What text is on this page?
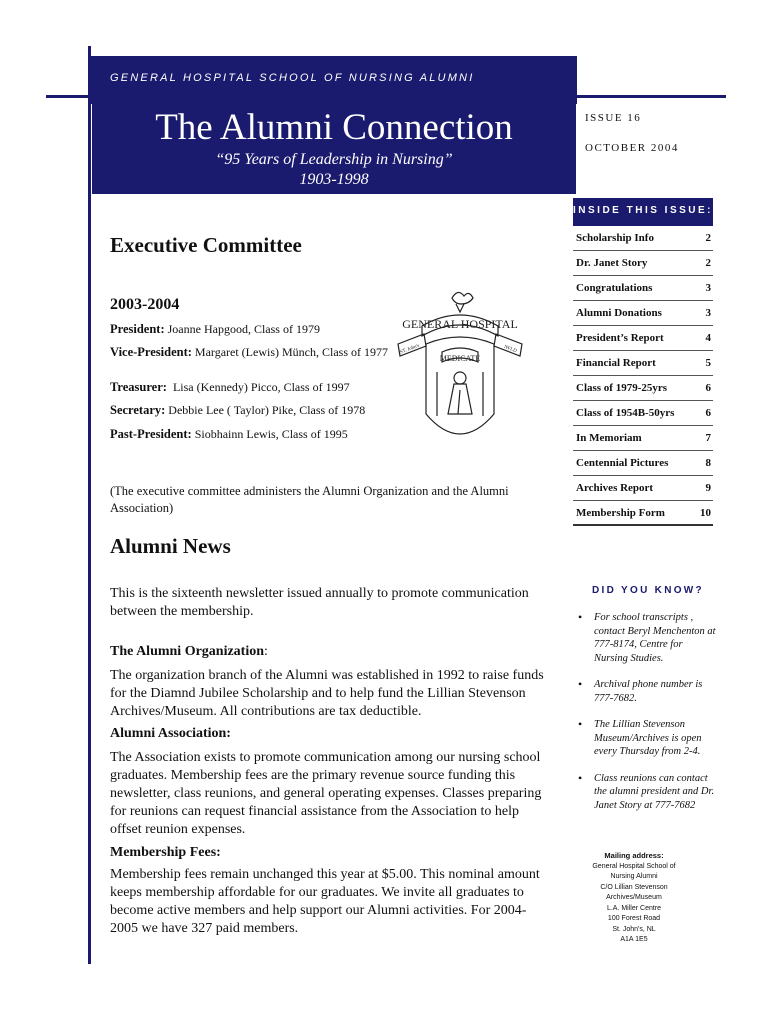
GENERAL HOSPITAL SCHOOL OF NURSING ALUMNI
The Alumni Connection
“95 Years of Leadership in Nursing”
1903-1998
ISSUE 16
OCTOBER 2004
INSIDE THIS ISSUE:
Scholarship Info	2
Dr. Janet Story	2
Congratulations	3
Alumni Donations	3
President’s Report	4
Financial Report	5
Class of 1979-25yrs	6
Class of 1954B-50yrs	6
In Memoriam	7
Centennial Pictures	8
Archives Report	9
Membership Form	10
Executive Committee
2003-2004
President: Joanne Hapgood, Class of 1979
Vice-President: Margaret (Lewis) Münch, Class of 1977
Treasurer: Lisa (Kennedy) Picco, Class of 1997
Secretary: Debbie Lee ( Taylor) Pike, Class of 1978
Past-President: Siobhainn Lewis, Class of 1995
GENERAL HOSPITAL
ST. John's	NFLD
MEDICATE
(The executive committee administers the Alumni Organization and the Alumni Association)
Alumni News
This is the sixteenth newsletter issued annually to promote communication between the membership.
The Alumni Organization:
The organization branch of the Alumni was established in 1992 to raise funds for the Diamnd Jubilee Scholarship and to help fund the Lillian Stevenson Archives/Museum. All contributions are tax deductible.
Alumni Association:
The Association exists to promote communication among our nursing school graduates. Membership fees are the primary revenue source funding this newsletter, class reunions, and general operating expenses. Classes preparing for reunions can request financial assistance from the Association to help offset reunion expenses.
Membership Fees:
Membership fees remain unchanged this year at $5.00. This nominal amount keeps membership affordable for our graduates. We invite all graduates to become active members and help support our Alumni activities. For 2004-2005 we have 327 paid members.
DID YOU KNOW?
• For school transcripts , contact Beryl Menchenton at 777-8174, Centre for Nursing Studies.
• Archival phone number is 777-7682.
• The Lillian Stevenson Museum/Archives is open every Thursday from 2-4.
• Class reunions can contact the alumni president and Dr. Janet Story at 777-7682
Mailing address:
General Hospital School of
Nursing Alumni
C/O Lillian Stevenson
Archives/Museum
L.A. Miller Centre
100 Forest Road
St. John's, NL
A1A 1E5
